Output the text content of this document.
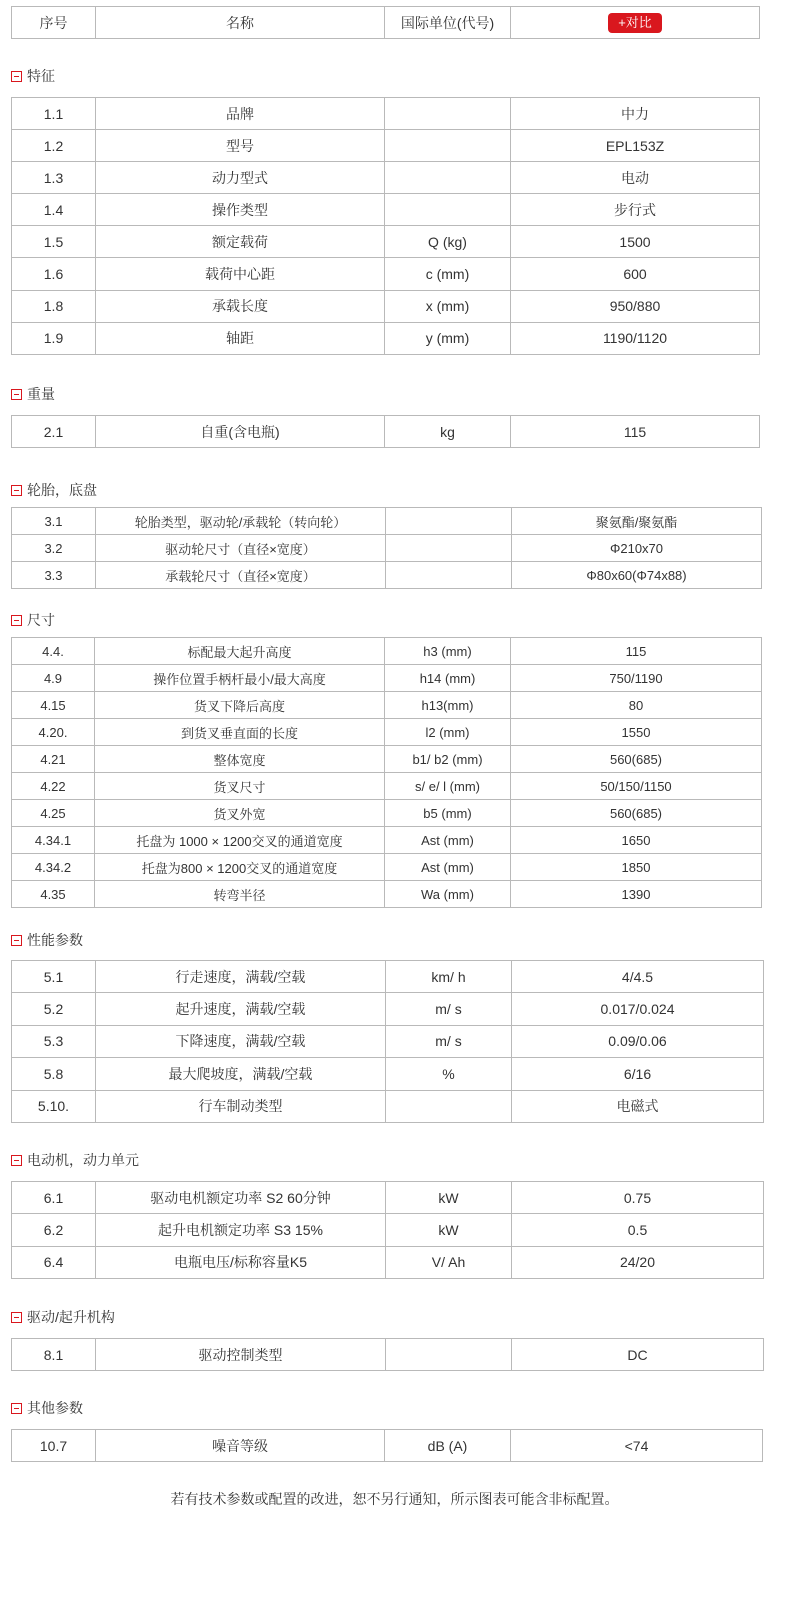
序号	名称	国际单位(代号)	+对比
特征
1.1	品牌		中力
1.2	型号		EPL153Z
1.3	动力型式		电动
1.4	操作类型		步行式
1.5	额定载荷	Q (kg)	1500
1.6	载荷中心距	c (mm)	600
1.8	承载长度	x (mm)	950/880
1.9	轴距	y (mm)	1190/1120
重量
2.1	自重(含电瓶)	kg	115
轮胎，底盘
3.1	轮胎类型，驱动轮/承载轮（转向轮）		聚氨酯/聚氨酯
3.2	驱动轮尺寸（直径×宽度）		Φ210x70
3.3	承载轮尺寸（直径×宽度）		Φ80x60(Φ74x88)
尺寸
4.4.	标配最大起升高度	h3 (mm)	115
4.9	操作位置手柄杆最小/最大高度	h14 (mm)	750/1190
4.15	货叉下降后高度	h13(mm)	80
4.20.	到货叉垂直面的长度	l2 (mm)	1550
4.21	整体宽度	b1/ b2 (mm)	560(685)
4.22	货叉尺寸	s/ e/ l (mm)	50/150/1150
4.25	货叉外宽	b5 (mm)	560(685)
4.34.1	托盘为 1000 × 1200交叉的通道宽度	Ast (mm)	1650
4.34.2	托盘为800 × 1200交叉的通道宽度	Ast (mm)	1850
4.35	转弯半径	Wa (mm)	1390
性能参数
5.1	行走速度，满载/空载	km/ h	4/4.5
5.2	起升速度，满载/空载	m/ s	0.017/0.024
5.3	下降速度，满载/空载	m/ s	0.09/0.06
5.8	最大爬坡度，满载/空载	%	6/16
5.10.	行车制动类型		电磁式
电动机，动力单元
6.1	驱动电机额定功率 S2 60分钟	kW	0.75
6.2	起升电机额定功率 S3 15%	kW	0.5
6.4	电瓶电压/标称容量K5	V/ Ah	24/20
驱动/起升机构
8.1	驱动控制类型		DC
其他参数
10.7	噪音等级	dB (A)	<74
若有技术参数或配置的改进，恕不另行通知，所示图表可能含非标配置。
